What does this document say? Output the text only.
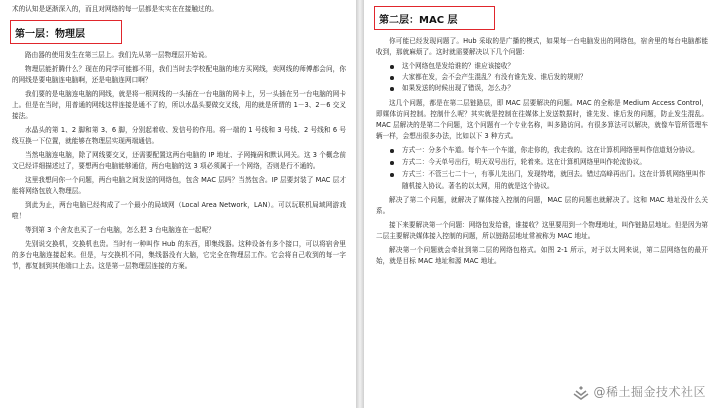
术的认知是逐渐深入的，而且对网络的每一层都是实实在在接触过的。

第一层：物理层

路由器的使用发生在第三层上。我们先从第一层物理层开始说。

物理层能折腾什么？现在的同学可能都不用，我们当时去学校配电脑的地方买网线，卖网线的师傅都会问，你的网线是要电脑连电脑啊，还是电脑连网口啊？

我们要的是电脑连电脑的网线，就是将一根网线的一头插在一台电脑的网卡上，另一头插在另一台电脑的网卡上。但是在当时，用普通的网线这样连接是通不了的，所以水晶头要做交叉线，用的就是所谓的 1－3、2－6 交叉接法。

水晶头的第 1、2 脚和第 3、6 脚，分别起着收、发信号的作用。将一端的 1 号线和 3 号线、2 号线和 6 号线互换一下位置，就能够在物理层实现两端通信。

当然电脑连电脑，除了网线要交叉，还需要配置这两台电脑的 IP 地址、子网掩码和默认网关。这 3 个概念前文已经详细描述过了，要想两台电脑能够通信，两台电脑的这 3 项必须属于一个网络，否则是行不通的。

这里我想问你一个问题，两台电脑之间发送的网络包，包含 MAC 层吗？当然包含。IP 层要封装了 MAC 层才能将网络包放入物理层。

到此为止，两台电脑已经构成了一个最小的局域网（Local Area Network，LAN）。可以玩联机局域网游戏啦！

等到第 3 个舍友也买了一台电脑，怎么把 3 台电脑连在一起呢？

先别说交换机，交换机也贵。当时有一种叫作 Hub 的东西，即集线器。这种设备有多个接口，可以将宿舍里的多台电脑连接起来。但是，与交换机不同，集线器没有大脑，它完全在物理层工作。它会将自己收到的每一字节，都复制到其他端口上去。这是第一层物理层连接的方案。

第二层：MAC 层

你可能已经发现问题了。Hub 采取的是广播的模式，如果每一台电脑发出的网络包，宿舍里的每台电脑都能收到，那就麻烦了。这时就需要解决以下几个问题：

这个网络包是发给谁的？谁应该接收？
大家都在发，会不会产生混乱？有没有谁先发、谁后发的规则？
如果发送的时候出现了错误，怎么办？

这几个问题，都是在第二层链路层，即 MAC 层要解决的问题。MAC 的全称是 Medium Access Control，即媒体访问控制。控制什么呢？其实就是控制在往媒体上发送数据时，谁先发、谁后发的问题，防止发生混乱。MAC 层解决的是第二个问题，这个问题有一个专业名称，叫多路访问。有很多算法可以解决，就像车管所管理车辆一样，会想出很多办法，比如以下 3 种方式。

方式一：分多个车道。每个车一个车道，你走你的，我走我的。这在计算机网络里叫作信道划分协议。
方式二：今天单号出行，明天双号出行，轮着来。这在计算机网络里叫作轮流协议。
方式三：不管三七二十一，有事儿先出门，发现特堵，就回去。错过高峰再出门。这在计算机网络里叫作随机接入协议。著名的以太网，用的就是这个协议。

解决了第二个问题，就解决了媒体接入控制的问题，MAC 层的问题也就解决了。这和 MAC 地址没什么关系。

接下来要解决第一个问题：网络包发给谁，谁接收？这里要用到一个物理地址，叫作链路层地址。但是因为第二层主要解决媒体接入控制的问题，所以链路层地址常被称为 MAC 地址。

解决第一个问题就会牵扯到第二层的网络包格式。如图 2-1 所示，对于以太网来说，第二层网络包的最开始，就是目标 MAC 地址和源 MAC 地址。

@稀土掘金技术社区
